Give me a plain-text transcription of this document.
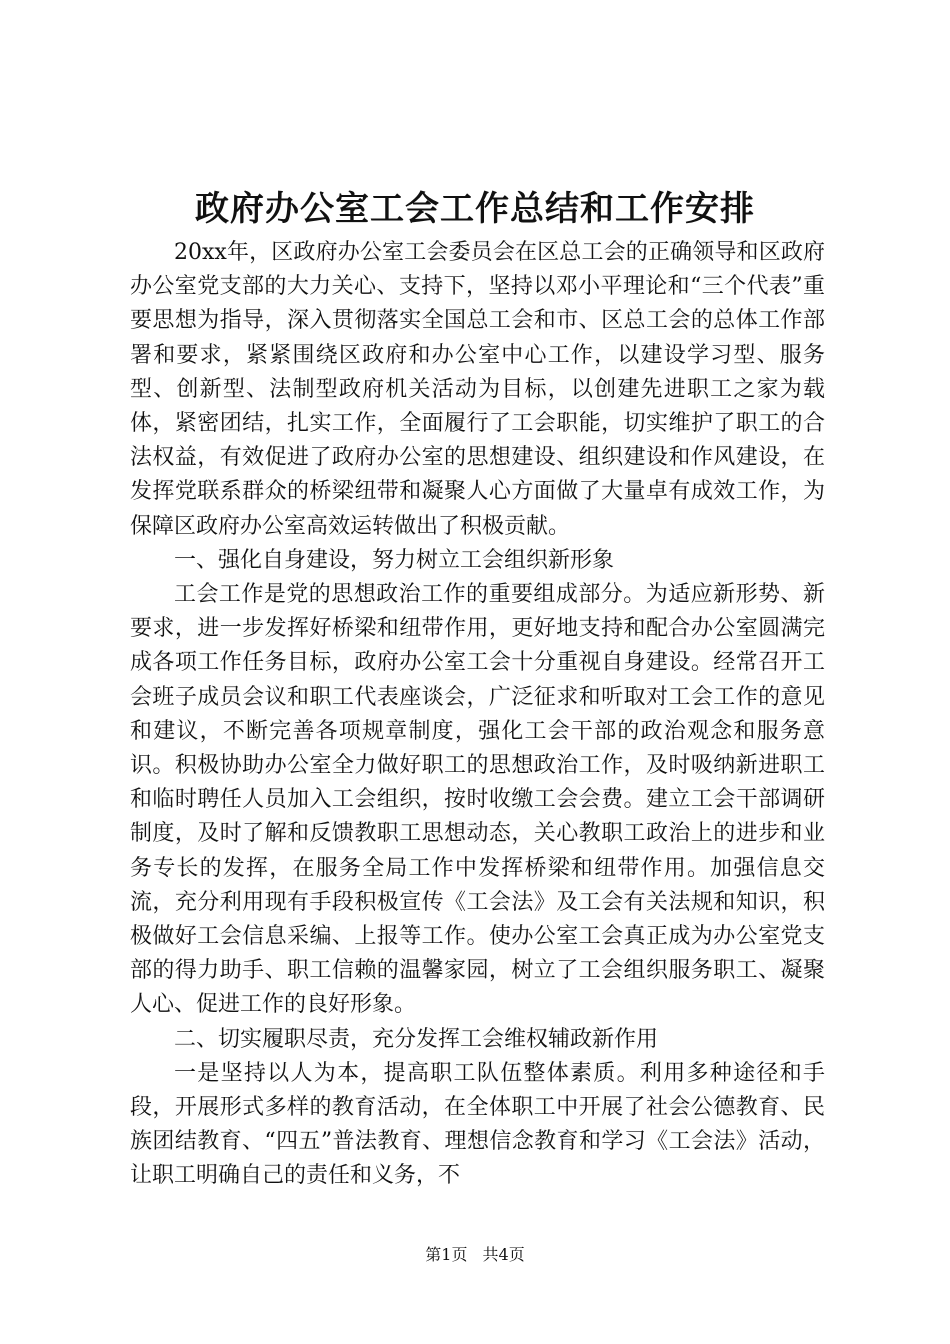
政府办公室工会工作总结和工作安排

20xx年，区政府办公室工会委员会在区总工会的正确领导和区政府办公室党支部的大力关心、支持下，坚持以邓小平理论和“三个代表”重要思想为指导，深入贯彻落实全国总工会和市、区总工会的总体工作部署和要求，紧紧围绕区政府和办公室中心工作，以建设学习型、服务型、创新型、法制型政府机关活动为目标，以创建先进职工之家为载体，紧密团结，扎实工作，全面履行了工会职能，切实维护了职工的合法权益，有效促进了政府办公室的思想建设、组织建设和作风建设，在发挥党联系群众的桥梁纽带和凝聚人心方面做了大量卓有成效工作，为保障区政府办公室高效运转做出了积极贡献。

一、强化自身建设，努力树立工会组织新形象

工会工作是党的思想政治工作的重要组成部分。为适应新形势、新要求，进一步发挥好桥梁和纽带作用，更好地支持和配合办公室圆满完成各项工作任务目标，政府办公室工会十分重视自身建设。经常召开工会班子成员会议和职工代表座谈会，广泛征求和听取对工会工作的意见和建议，不断完善各项规章制度，强化工会干部的政治观念和服务意识。积极协助办公室全力做好职工的思想政治工作，及时吸纳新进职工和临时聘任人员加入工会组织，按时收缴工会会费。建立工会干部调研制度，及时了解和反馈教职工思想动态，关心教职工政治上的进步和业务专长的发挥，在服务全局工作中发挥桥梁和纽带作用。加强信息交流，充分利用现有手段积极宣传《工会法》及工会有关法规和知识，积极做好工会信息采编、上报等工作。使办公室工会真正成为办公室党支部的得力助手、职工信赖的温馨家园，树立了工会组织服务职工、凝聚人心、促进工作的良好形象。

二、切实履职尽责，充分发挥工会维权辅政新作用

一是坚持以人为本，提高职工队伍整体素质。利用多种途径和手段，开展形式多样的教育活动，在全体职工中开展了社会公德教育、民族团结教育、“四五”普法教育、理想信念教育和学习《工会法》活动，让职工明确自己的责任和义务，不

第1页 共4页
